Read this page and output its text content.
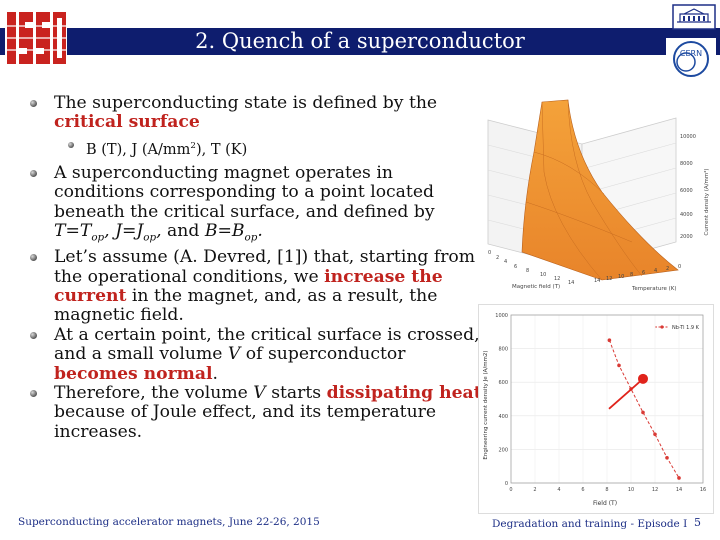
2. Quench of a superconductor
CERN

The superconducting state is defined by the critical surface

B (T), J $(A/mm^2)$, T (K)

A superconducting magnet operates in conditions corresponding to a point located beneath the critical surface, and defined by $T=T_{op}$, $J=J_{op}$, and $B=B_{op}$.

Let’s assume (A. Devred, [1]) that, starting from the operational conditions, we increase the current in the magnet, and, as a result, the magnetic field.

At a certain point, the critical surface is crossed, and a small volume V of superconductor becomes normal.

Therefore, the volume V starts dissipating heat because of Joule effect, and its temperature increases.

10000
8000
6000
4000
2000
Current density (A/mm²)
0
2
4
6
8
10
12
14	14 12 10 8 6 4 2 0
Magnetic field (T)	Temperature (K)
Engineering current density Je (A/mm2)
Field (T)
Nb-Ti 1.9 K
0
200
400
600
800
1000
0	2	4	6	8	10	12	14	16
Superconducting accelerator magnets, June 22-26, 2015	Degradation and training - Episode I 5
